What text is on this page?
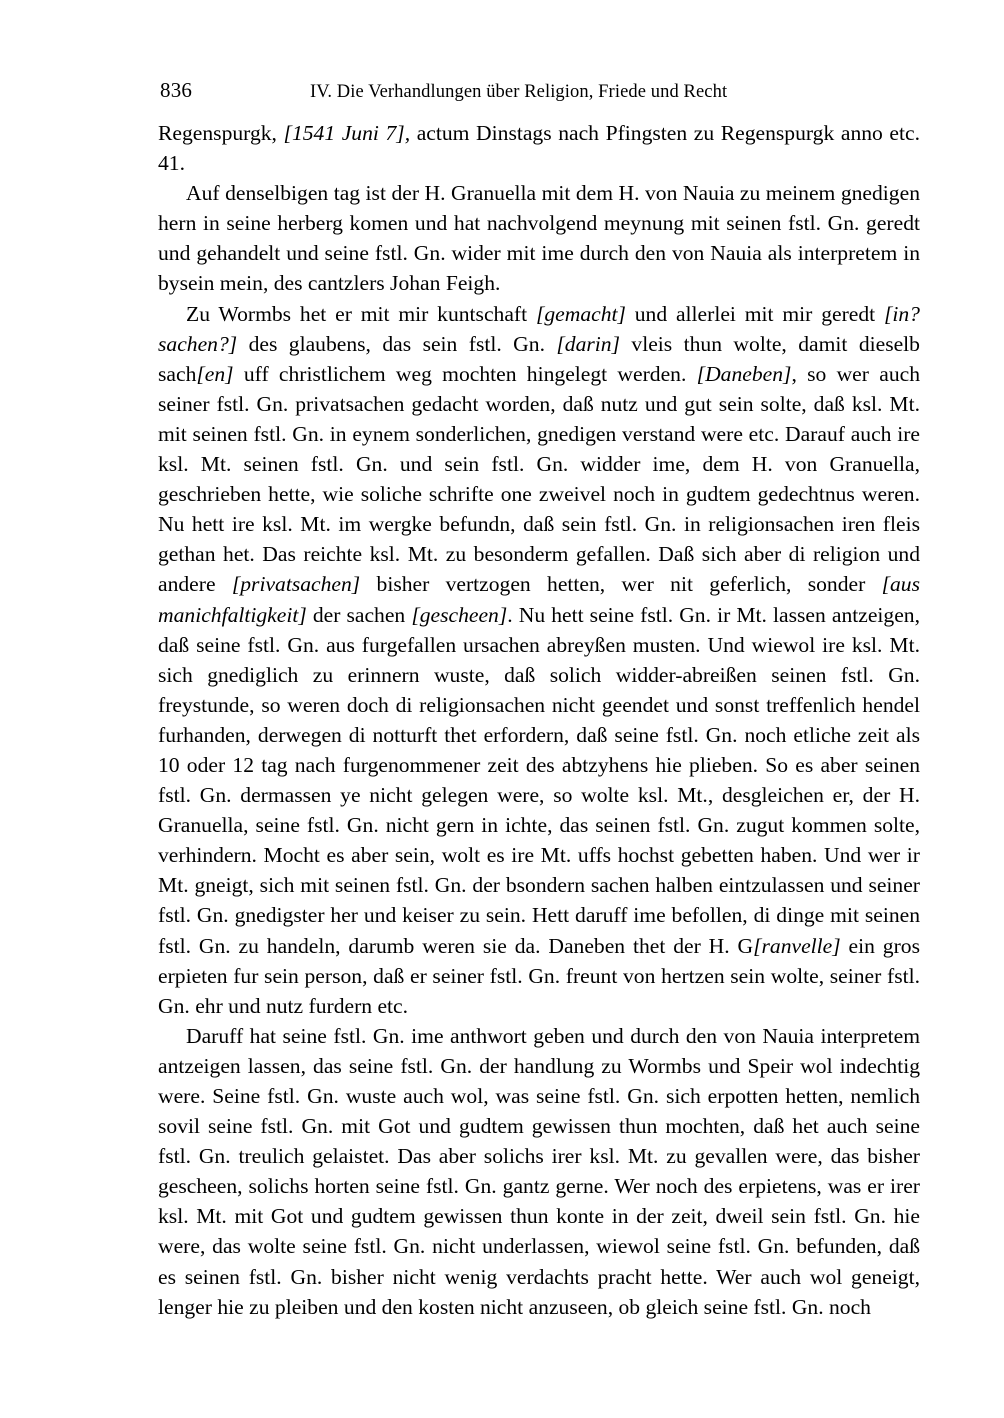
836	IV. Die Verhandlungen über Religion, Friede und Recht

Regenspurgk, [1541 Juni 7], actum Dinstags nach Pfingsten zu Regenspurgk anno etc. 41.

Auf denselbigen tag ist der H. Granuella mit dem H. von Nauia zu meinem gnedigen hern in seine herberg komen und hat nachvolgend meynung mit seinen fstl. Gn. geredt und gehandelt und seine fstl. Gn. wider mit ime durch den von Nauia als interpretem in bysein mein, des cantzlers Johan Feigh.

Zu Wormbs het er mit mir kuntschaft [gemacht] und allerlei mit mir geredt [in? sachen?] des glaubens, das sein fstl. Gn. [darin] vleis thun wolte, damit dieselb sach[en] uff christlichem weg mochten hingelegt werden. [Daneben], so wer auch seiner fstl. Gn. privatsachen gedacht worden, daß nutz und gut sein solte, daß ksl. Mt. mit seinen fstl. Gn. in eynem sonderlichen, gnedigen verstand were etc. Darauf auch ire ksl. Mt. seinen fstl. Gn. und sein fstl. Gn. widder ime, dem H. von Granuella, geschrieben hette, wie soliche schrifte one zweivel noch in gudtem gedechtnus weren. Nu hett ire ksl. Mt. im wergke befundn, daß sein fstl. Gn. in religionsachen iren fleis gethan het. Das reichte ksl. Mt. zu besonderm gefallen. Daß sich aber di religion und andere [privatsachen] bisher vertzogen hetten, wer nit geferlich, sonder [aus manichfaltigkeit] der sachen [gescheen]. Nu hett seine fstl. Gn. ir Mt. lassen antzeigen, daß seine fstl. Gn. aus furgefallen ursachen abreyßen musten. Und wiewol ire ksl. Mt. sich gnediglich zu erinnern wuste, daß solich widder-abreißen seinen fstl. Gn. freystunde, so weren doch di religionsachen nicht geendet und sonst treffenlich hendel furhanden, derwegen di notturft thet erfordern, daß seine fstl. Gn. noch etliche zeit als 10 oder 12 tag nach furgenommener zeit des abtzyhens hie plieben. So es aber seinen fstl. Gn. dermassen ye nicht gelegen were, so wolte ksl. Mt., desgleichen er, der H. Granuella, seine fstl. Gn. nicht gern in ichte, das seinen fstl. Gn. zugut kommen solte, verhindern. Mocht es aber sein, wolt es ire Mt. uffs hochst gebetten haben. Und wer ir Mt. gneigt, sich mit seinen fstl. Gn. der bsondern sachen halben eintzulassen und seiner fstl. Gn. gnedigster her und keiser zu sein. Hett daruff ime befollen, di dinge mit seinen fstl. Gn. zu handeln, darumb weren sie da. Daneben thet der H. G[ranvelle] ein gros erpieten fur sein person, daß er seiner fstl. Gn. freunt von hertzen sein wolte, seiner fstl. Gn. ehr und nutz furdern etc.

Daruff hat seine fstl. Gn. ime anthwort geben und durch den von Nauia interpretem antzeigen lassen, das seine fstl. Gn. der handlung zu Wormbs und Speir wol indechtig were. Seine fstl. Gn. wuste auch wol, was seine fstl. Gn. sich erpotten hetten, nemlich sovil seine fstl. Gn. mit Got und gudtem gewissen thun mochten, daß het auch seine fstl. Gn. treulich gelaistet. Das aber solichs irer ksl. Mt. zu gevallen were, das bisher gescheen, solichs horten seine fstl. Gn. gantz gerne. Wer noch des erpietens, was er irer ksl. Mt. mit Got und gudtem gewissen thun konte in der zeit, dweil sein fstl. Gn. hie were, das wolte seine fstl. Gn. nicht underlassen, wiewol seine fstl. Gn. befunden, daß es seinen fstl. Gn. bisher nicht wenig verdachts pracht hette. Wer auch wol geneigt, lenger hie zu pleiben und den kosten nicht anzuseen, ob gleich seine fstl. Gn. noch
